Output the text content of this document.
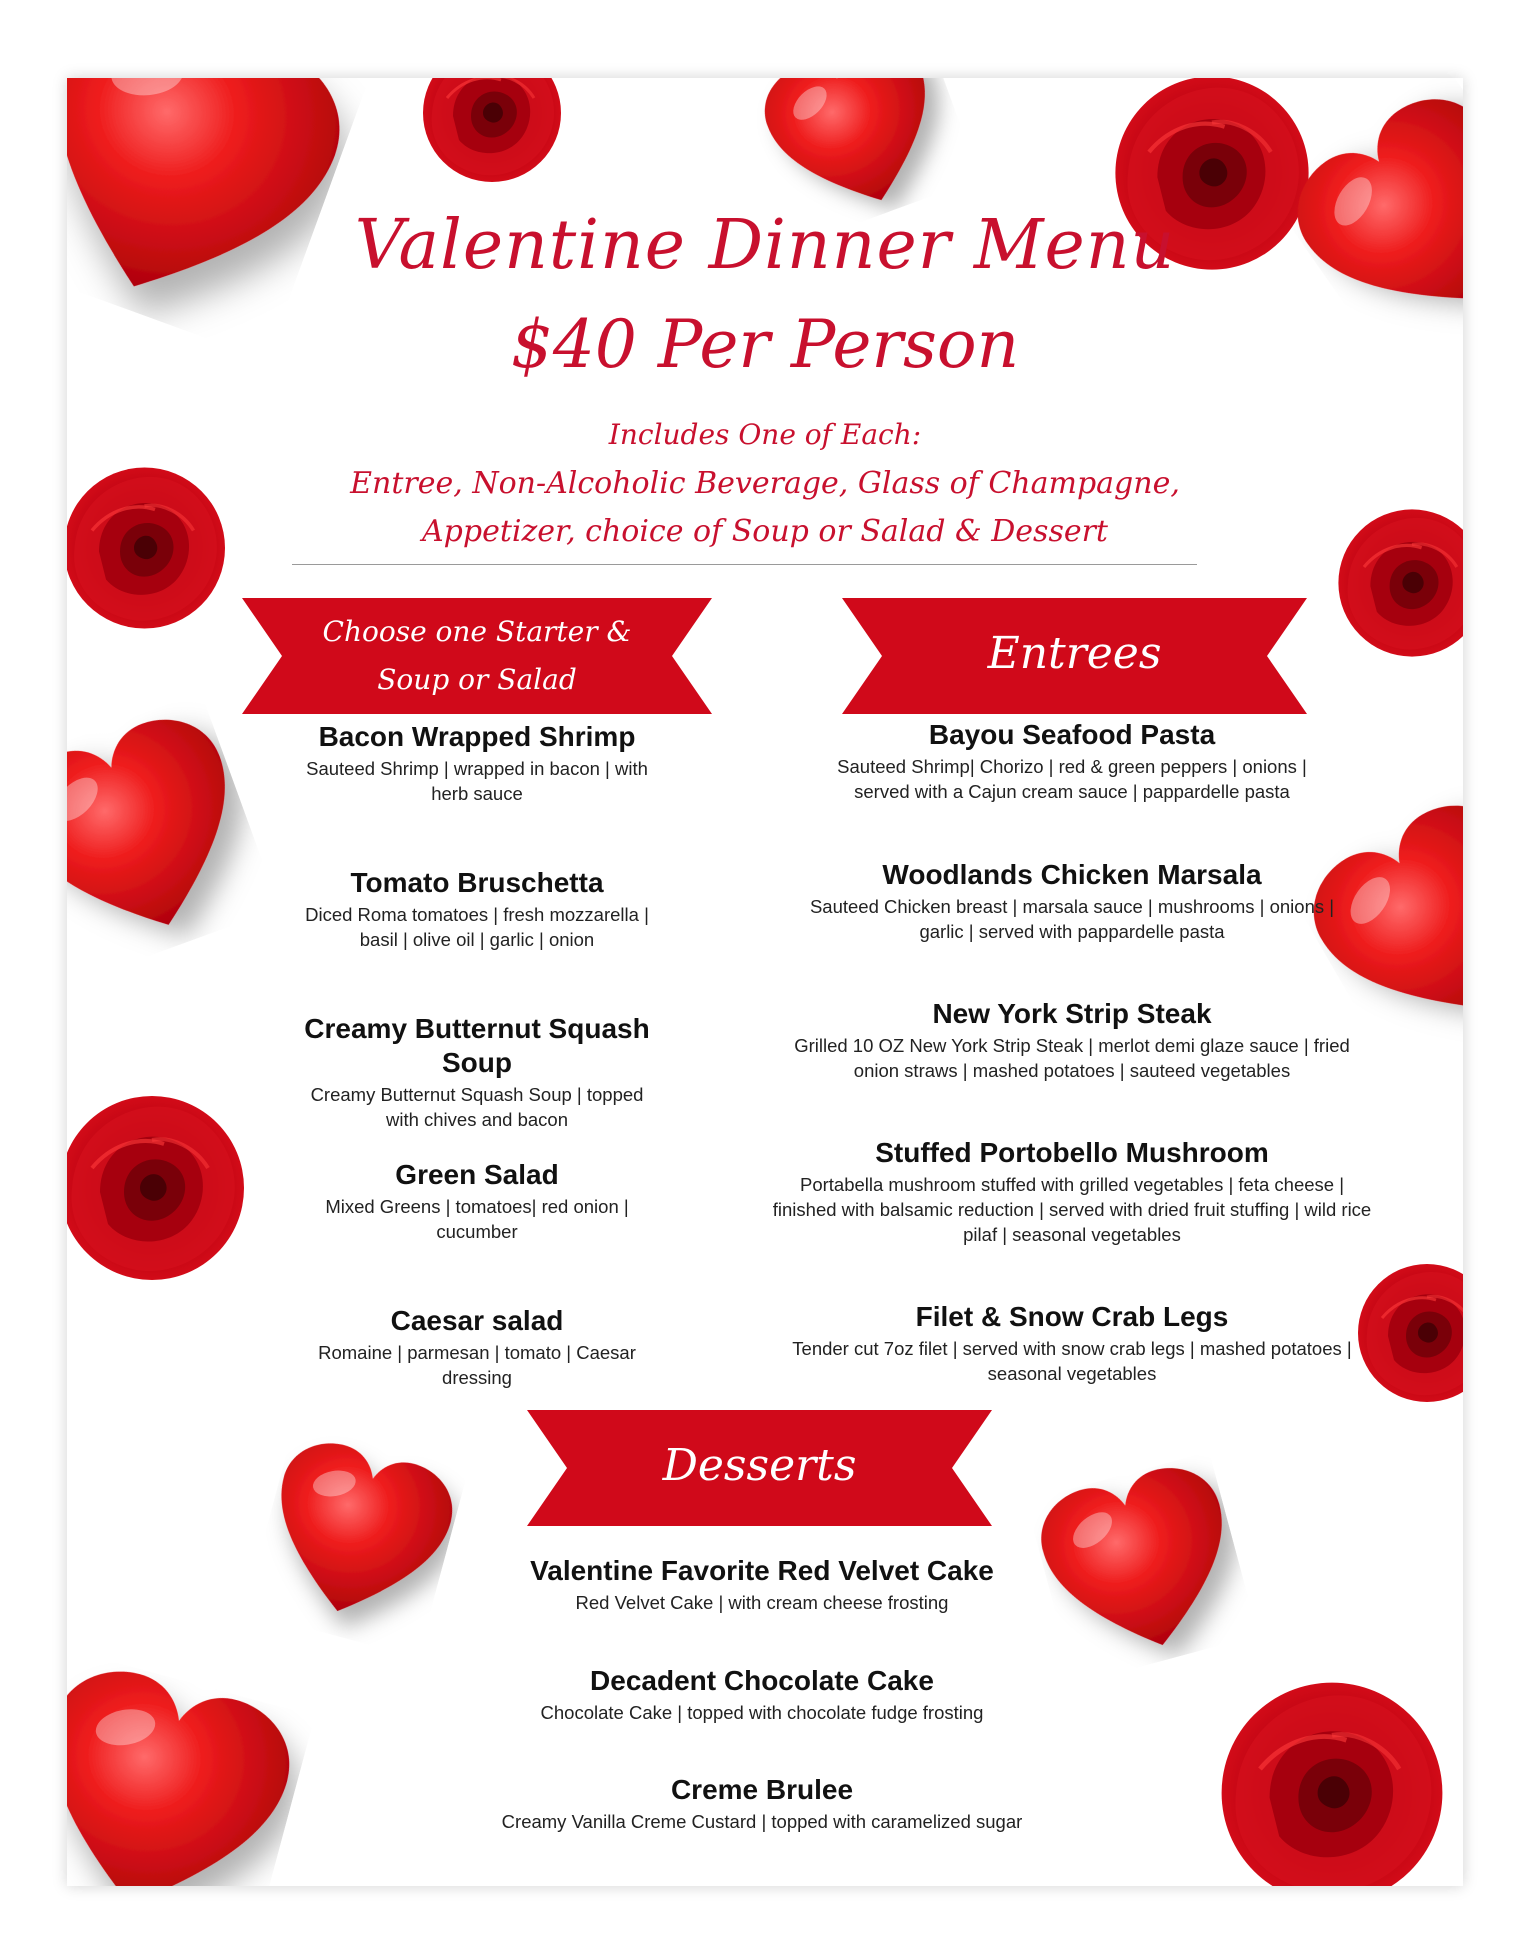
Valentine Dinner Menu
$40 Per Person
Includes One of Each:
Entree, Non-Alcoholic Beverage, Glass of Champagne,
Appetizer, choice of Soup or Salad & Dessert
Choose one Starter &
Soup or Salad
Entrees
Bacon Wrapped Shrimp
Sauteed Shrimp | wrapped in bacon | with herb sauce
Tomato Bruschetta
Diced Roma tomatoes | fresh mozzarella | basil | olive oil | garlic | onion
Creamy Butternut Squash Soup
Creamy Butternut Squash Soup | topped with chives and bacon
Green Salad
Mixed Greens | tomatoes| red onion | cucumber
Caesar salad
Romaine | parmesan | tomato | Caesar dressing
Bayou Seafood Pasta
Sauteed Shrimp| Chorizo | red & green peppers | onions | served with a Cajun cream sauce | pappardelle pasta
Woodlands Chicken Marsala
Sauteed Chicken breast | marsala sauce | mushrooms | onions | garlic | served with pappardelle pasta
New York Strip Steak
Grilled 10 OZ New York Strip Steak | merlot demi glaze sauce | fried onion straws | mashed potatoes | sauteed vegetables
Stuffed Portobello Mushroom
Portabella mushroom stuffed with grilled vegetables | feta cheese | finished with balsamic reduction | served with dried fruit stuffing | wild rice pilaf | seasonal vegetables
Filet & Snow Crab Legs
Tender cut 7oz filet | served with snow crab legs | mashed potatoes | seasonal vegetables
Desserts
Valentine Favorite Red Velvet Cake
Red Velvet Cake | with cream cheese frosting
Decadent Chocolate Cake
Chocolate Cake | topped with chocolate fudge frosting
Creme Brulee
Creamy Vanilla Creme Custard | topped with caramelized sugar
